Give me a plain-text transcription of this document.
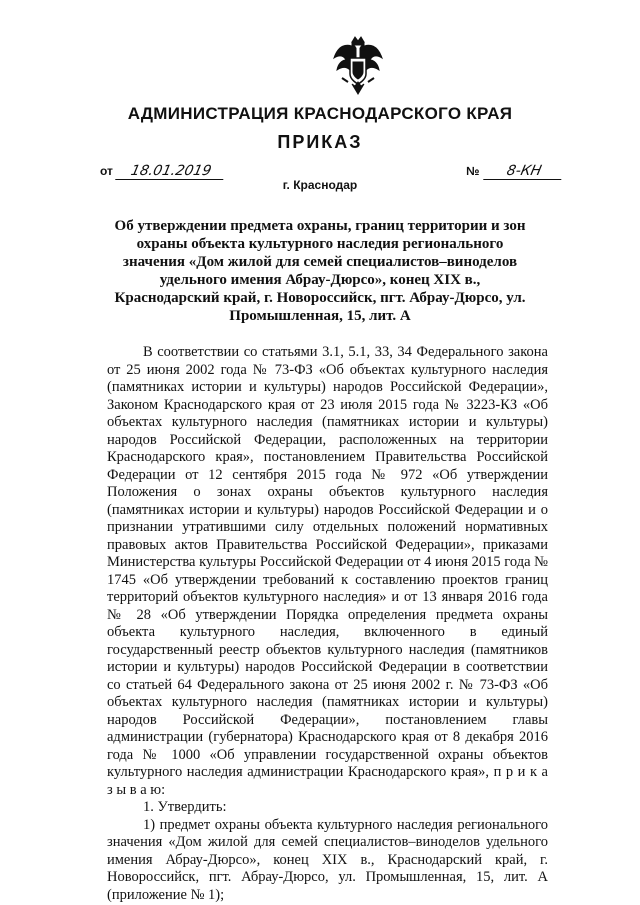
АДМИНИСТРАЦИЯ КРАСНОДАРСКОГО КРАЯ
ПРИКАЗ
от 18.01.2019	№ 8-КН
г. Краснодар
Об утверждении предмета охраны, границ территории и зон охраны объекта культурного наследия регионального значения «Дом жилой для семей специалистов–виноделов удельного имения Абрау-Дюрсо», конец XIX в., Краснодарский край, г. Новороссийск, пгт. Абрау-Дюрсо, ул. Промышленная, 15, лит. А

В соответствии со статьями 3.1, 5.1, 33, 34 Федерального закона от 25 июня 2002 года № 73-ФЗ «Об объектах культурного наследия (памятниках истории и культуры) народов Российской Федерации», Законом Краснодарского края от 23 июля 2015 года № 3223-КЗ «Об объектах культурного наследия (памятниках истории и культуры) народов Российской Федерации, расположенных на территории Краснодарского края», постановлением Правительства Российской Федерации от 12 сентября 2015 года № 972 «Об утверждении Положения о зонах охраны объектов культурного наследия (памятниках истории и культуры) народов Российской Федерации и о признании утратившими силу отдельных положений нормативных правовых актов Правительства Российской Федерации», приказами Министерства культуры Российской Федерации от 4 июня 2015 года № 1745 «Об утверждении требований к составлению проектов границ территорий объектов культурного наследия» и от 13 января 2016 года № 28 «Об утверждении Порядка определения предмета охраны объекта культурного наследия, включенного в единый государственный реестр объектов культурного наследия (памятников истории и культуры) народов Российской Федерации в соответствии со статьей 64 Федерального закона от 25 июня 2002 г. № 73-ФЗ «Об объектах культурного наследия (памятниках истории и культуры) народов Российской Федерации», постановлением главы администрации (губернатора) Краснодарского края от 8 декабря 2016 года № 1000 «Об управлении государственной охраны объектов культурного наследия администрации Краснодарского края», п р и к а з ы в а ю:

1. Утвердить:

1) предмет охраны объекта культурного наследия регионального значения «Дом жилой для семей специалистов–виноделов удельного имения Абрау-Дюрсо», конец XIX в., Краснодарский край, г. Новороссийск, пгт. Абрау-Дюрсо, ул. Промышленная, 15, лит. А (приложение № 1);
